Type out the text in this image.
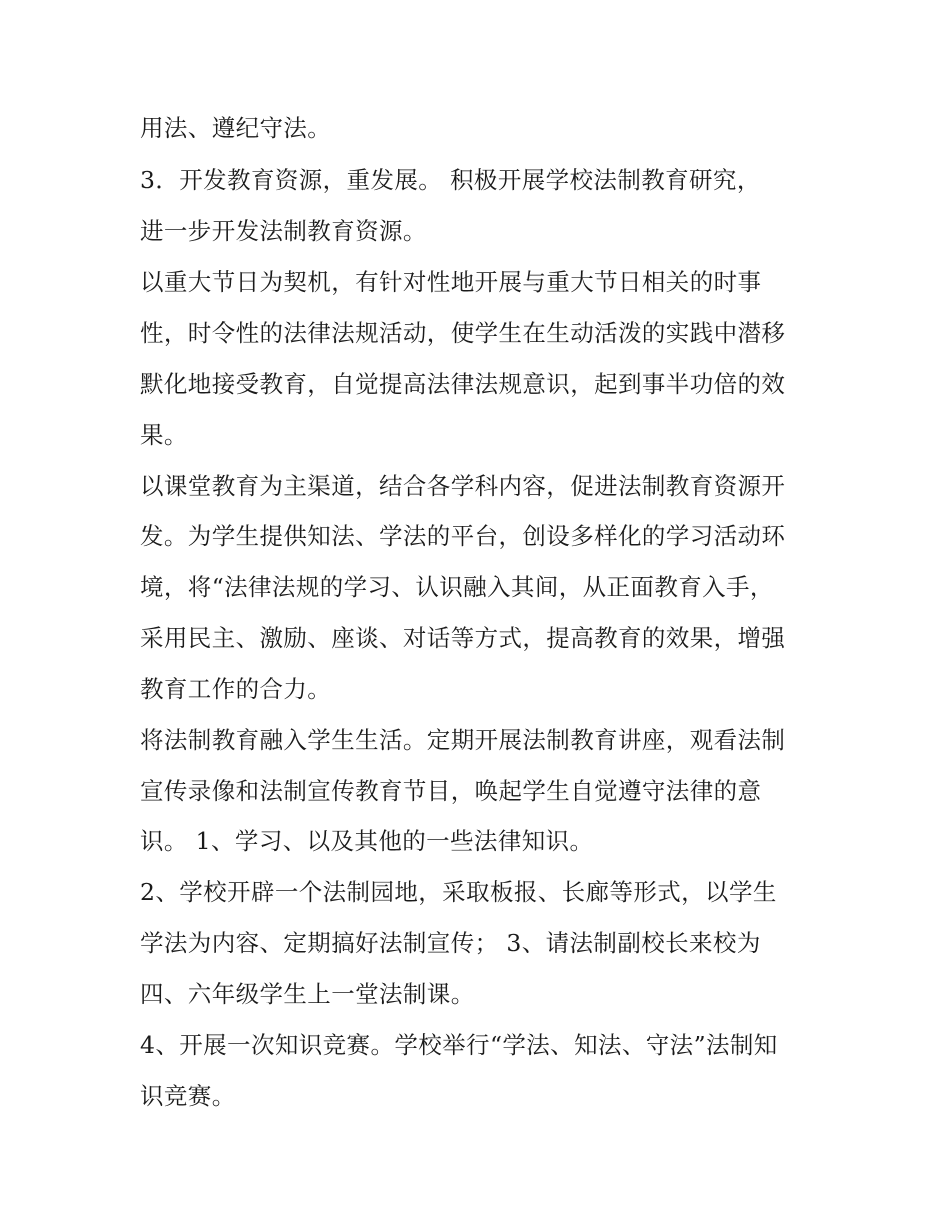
用法、遵纪守法。
3．开发教育资源，重发展。 积极开展学校法制教育研究，
进一步开发法制教育资源。
以重大节日为契机，有针对性地开展与重大节日相关的时事
性，时令性的法律法规活动，使学生在生动活泼的实践中潜移
默化地接受教育，自觉提高法律法规意识，起到事半功倍的效
果。
以课堂教育为主渠道，结合各学科内容，促进法制教育资源开
发。为学生提供知法、学法的平台，创设多样化的学习活动环
境，将“法律法规的学习、认识融入其间，从正面教育入手，
采用民主、激励、座谈、对话等方式，提高教育的效果，增强
教育工作的合力。
将法制教育融入学生生活。定期开展法制教育讲座，观看法制
宣传录像和法制宣传教育节目，唤起学生自觉遵守法律的意
识。 1、学习、以及其他的一些法律知识。
2、学校开辟一个法制园地，采取板报、长廊等形式，以学生
学法为内容、定期搞好法制宣传； 3、请法制副校长来校为
四、六年级学生上一堂法制课。
4、开展一次知识竞赛。学校举行“学法、知法、守法”法制知
识竞赛。
